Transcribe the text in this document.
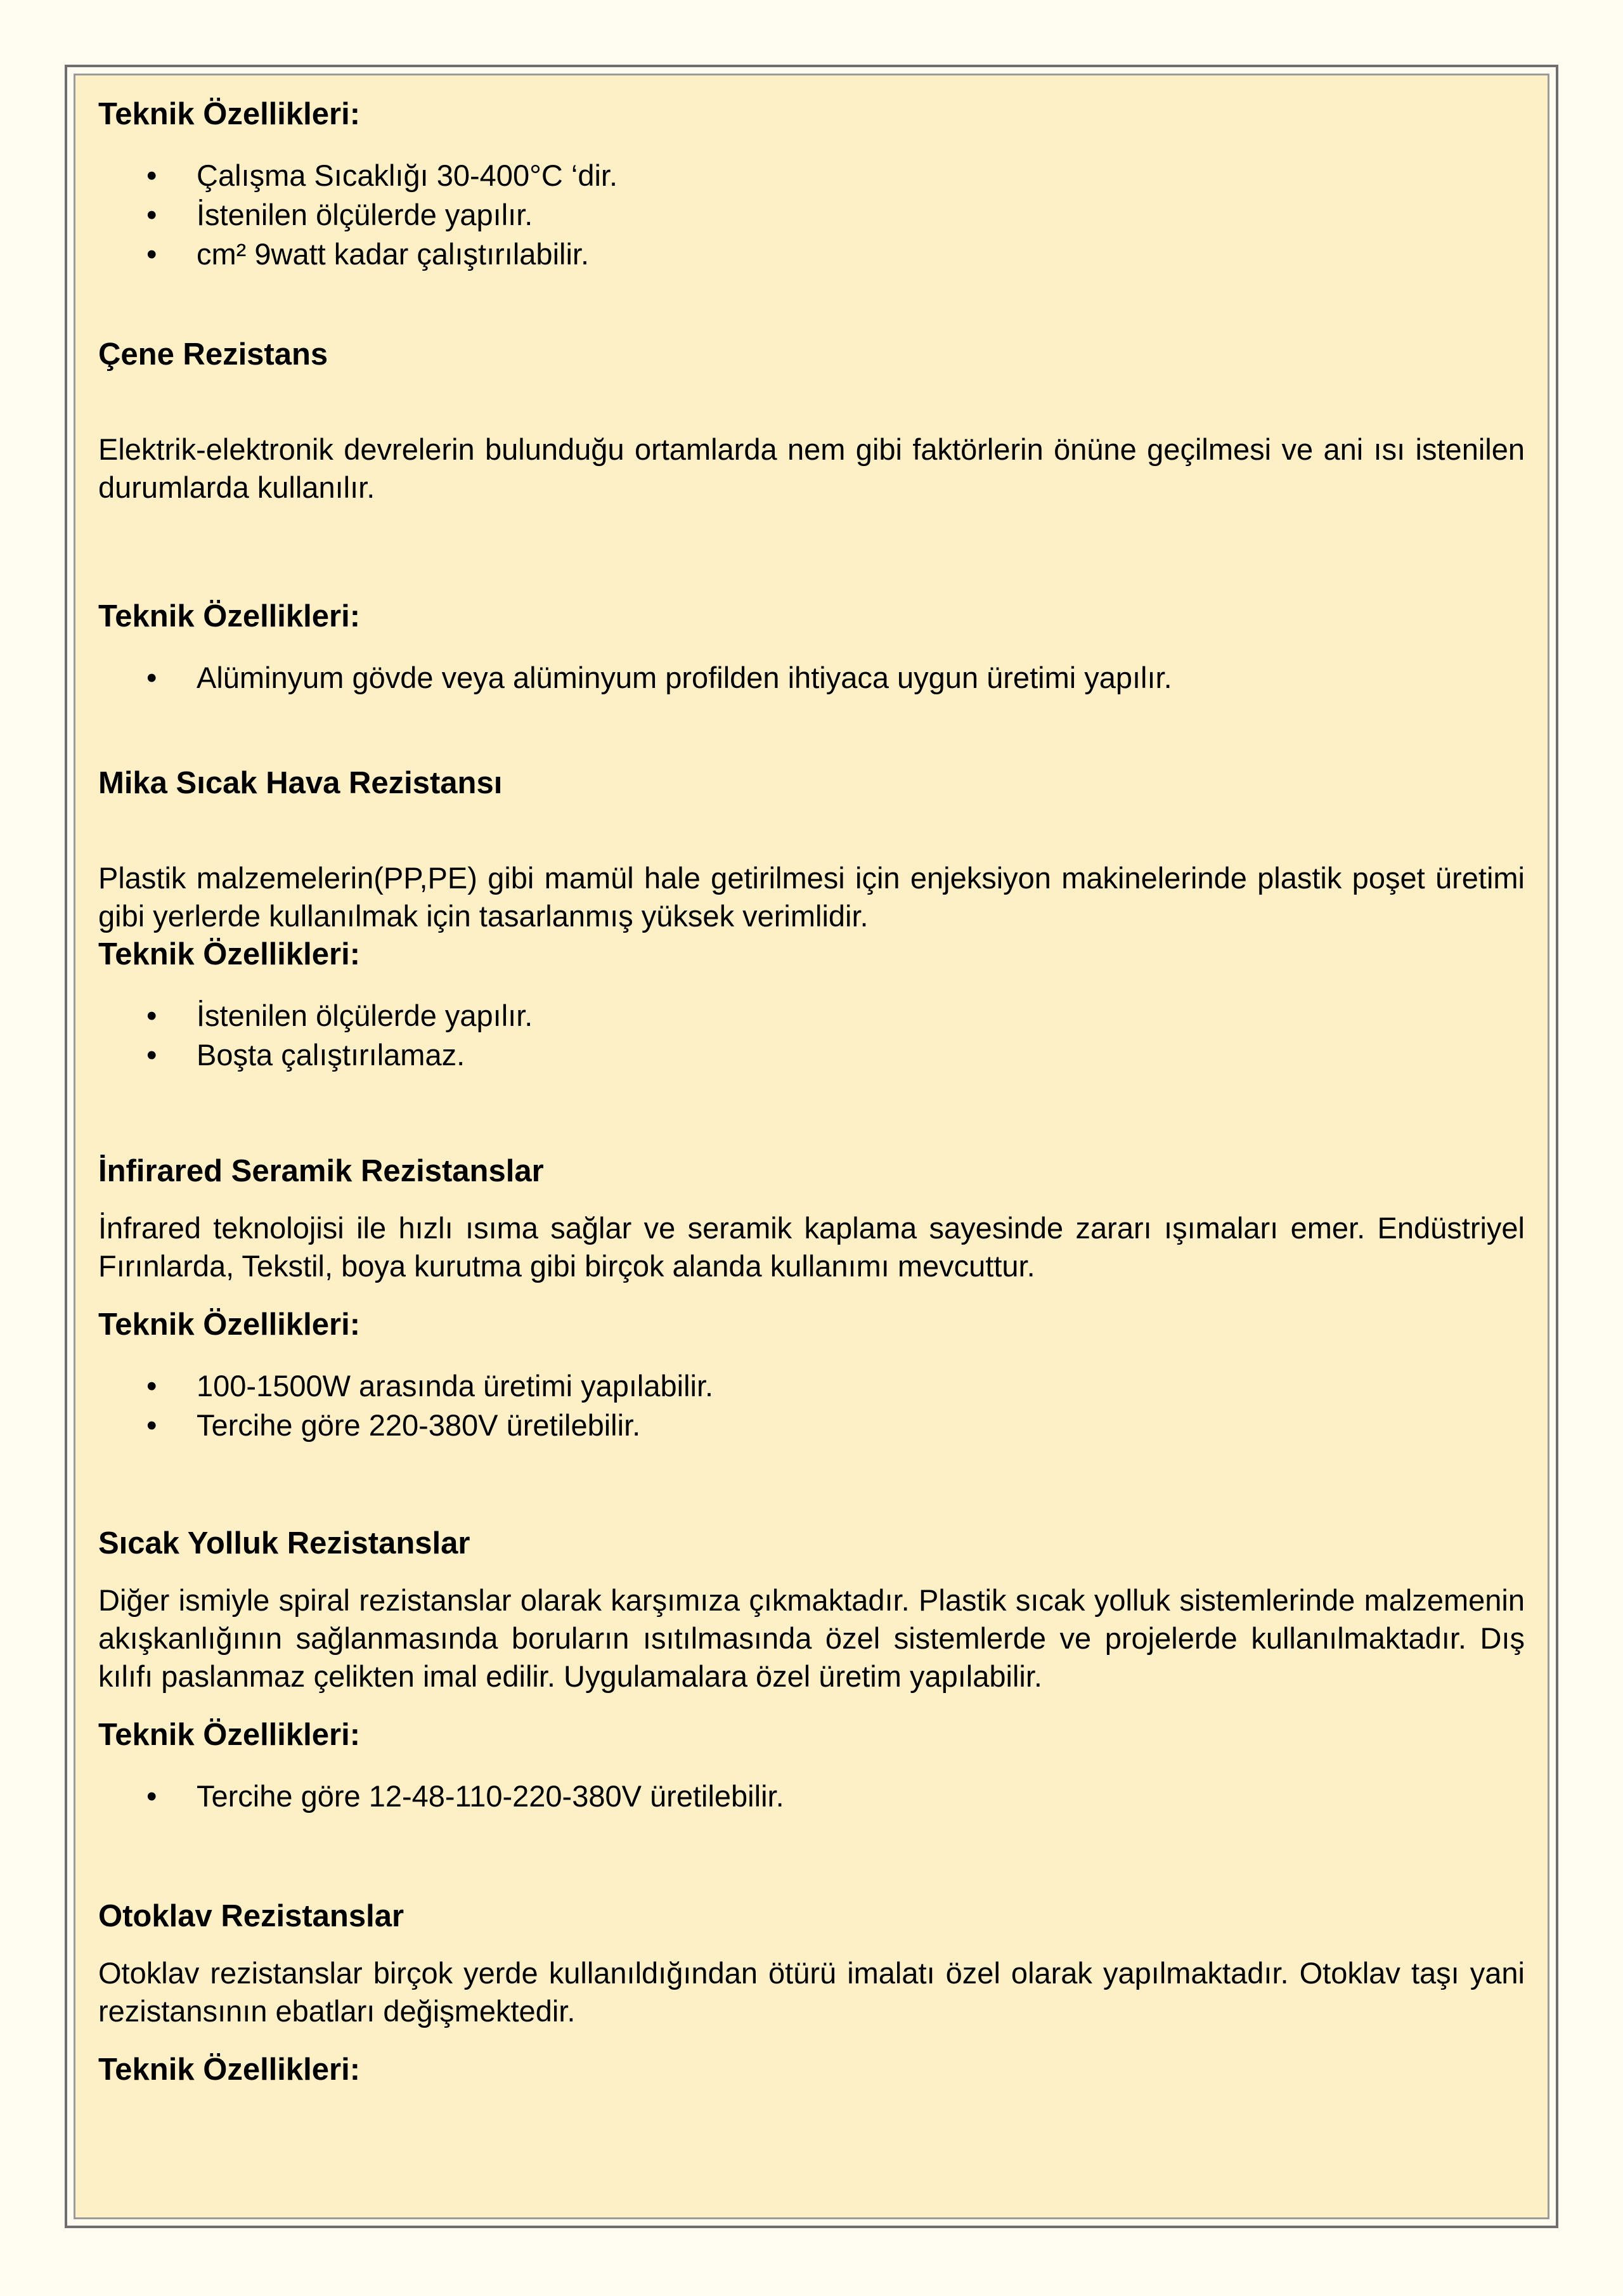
Teknik Özellikleri:
• Çalışma Sıcaklığı 30-400°C ‘dir.
• İstenilen ölçülerde yapılır.
• cm² 9watt kadar çalıştırılabilir.
Çene Rezistans

Elektrik-elektronik devrelerin bulunduğu ortamlarda nem gibi faktörlerin önüne geçilmesi ve ani ısı istenilen durumlarda kullanılır.

Teknik Özellikleri:
• Alüminyum gövde veya alüminyum profilden ihtiyaca uygun üretimi yapılır.
Mika Sıcak Hava Rezistansı

Plastik malzemelerin(PP,PE) gibi mamül hale getirilmesi için enjeksiyon makinelerinde plastik poşet üretimi gibi yerlerde kullanılmak için tasarlanmış yüksek verimlidir.

Teknik Özellikleri:
• İstenilen ölçülerde yapılır.
• Boşta çalıştırılamaz.
İnfirared Seramik Rezistanslar

İnfrared teknolojisi ile hızlı ısıma sağlar ve seramik kaplama sayesinde zararı ışımaları emer. Endüstriyel Fırınlarda, Tekstil, boya kurutma gibi birçok alanda kullanımı mevcuttur.

Teknik Özellikleri:
• 100-1500W arasında üretimi yapılabilir.
• Tercihe göre 220-380V üretilebilir.
Sıcak Yolluk Rezistanslar

Diğer ismiyle spiral rezistanslar olarak karşımıza çıkmaktadır. Plastik sıcak yolluk sistemlerinde malzemenin akışkanlığının sağlanmasında boruların ısıtılmasında özel sistemlerde ve projelerde kullanılmaktadır. Dış kılıfı paslanmaz çelikten imal edilir. Uygulamalara özel üretim yapılabilir.

Teknik Özellikleri:
• Tercihe göre 12-48-110-220-380V üretilebilir.
Otoklav Rezistanslar

Otoklav rezistanslar birçok yerde kullanıldığından ötürü imalatı özel olarak yapılmaktadır. Otoklav taşı yani rezistansının ebatları değişmektedir.

Teknik Özellikleri:
